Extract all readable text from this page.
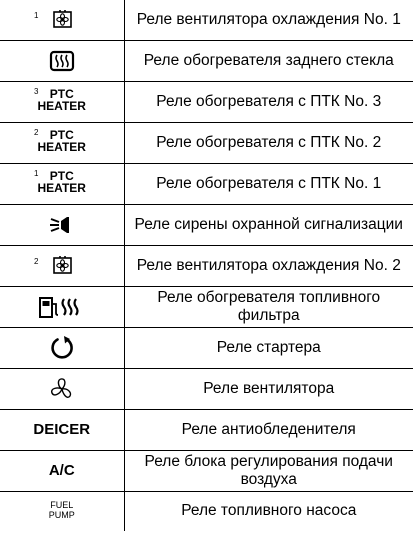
1	Реле вентилятора охлаждения No. 1
	Реле обогревателя заднего стекла

3 PTC
HEATER	Реле обогревателя с ПТК No. 3

2 PTC
HEATER	Реле обогревателя с ПТК No. 2

1 PTC
HEATER	Реле обогревателя с ПТК No. 1
	Реле сирены охранной сигнализации

2	Реле вентилятора охлаждения No. 2
	Реле обогревателя топливного фильтра
	Реле стартера
	Реле вентилятора
DEICER	Реле антиобледенителя
A/C	Реле блока регулирования подачи воздуха
FUEL
PUMP	Реле топливного насоса
